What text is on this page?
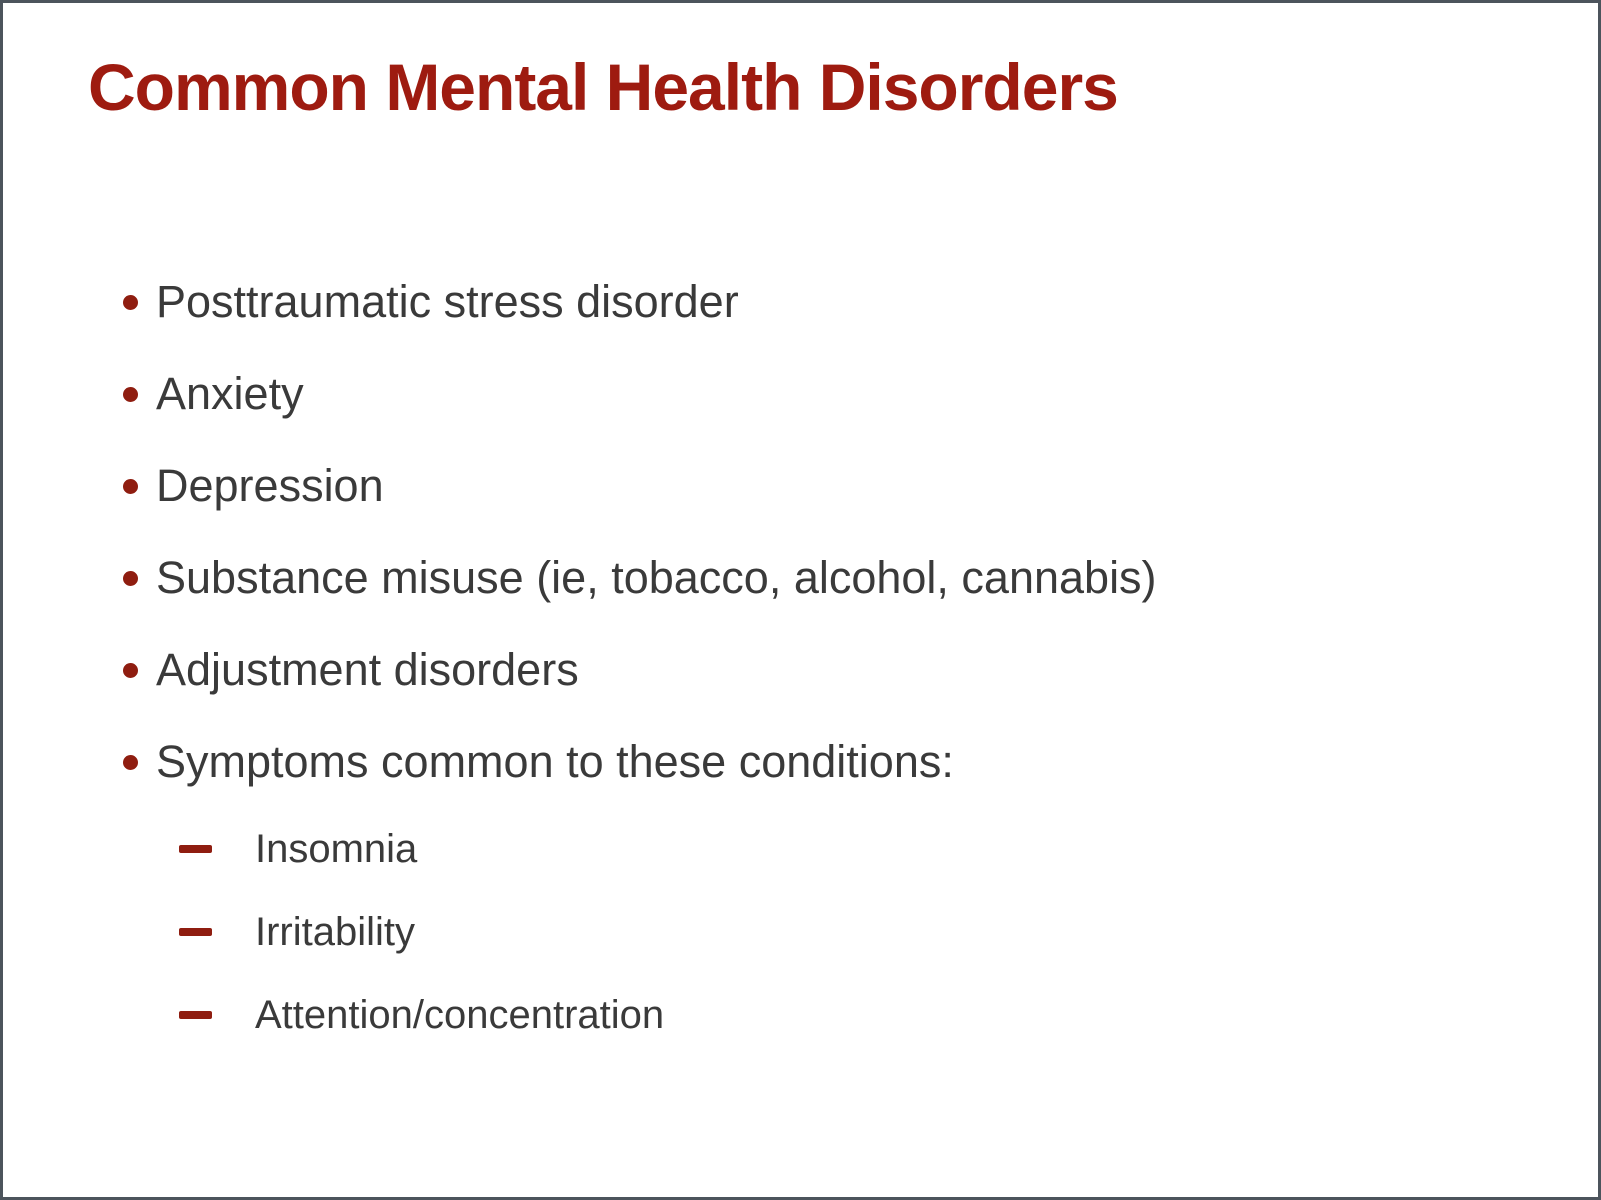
Common Mental Health Disorders
Posttraumatic stress disorder
Anxiety
Depression
Substance misuse (ie, tobacco, alcohol, cannabis)
Adjustment disorders
Symptoms common to these conditions:
Insomnia
Irritability
Attention/concentration
